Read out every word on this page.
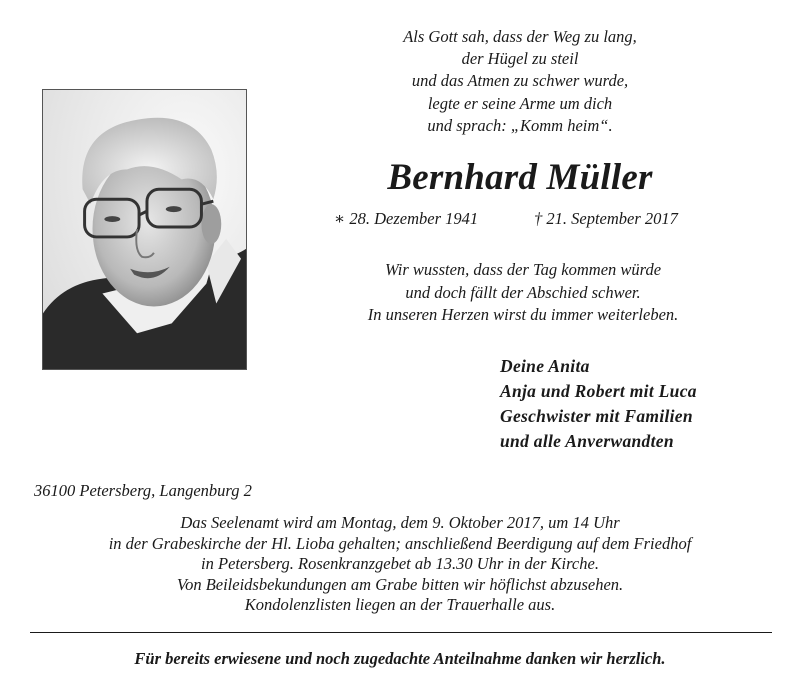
Als Gott sah, dass der Weg zu lang,
der Hügel zu steil
und das Atmen zu schwer wurde,
legte er seine Arme um dich
und sprach: „Komm heim“.
Bernhard Müller
∗ 28. Dezember 1941	† 21. September 2017
Wir wussten, dass der Tag kommen würde
und doch fällt der Abschied schwer.
In unseren Herzen wirst du immer weiterleben.
Deine Anita
Anja und Robert mit Luca
Geschwister mit Familien
und alle Anverwandten
36100 Petersberg, Langenburg 2
Das Seelenamt wird am Montag, dem 9. Oktober 2017, um 14 Uhr
in der Grabeskirche der Hl. Lioba gehalten; anschließend Beerdigung auf dem Friedhof
in Petersberg. Rosenkranzgebet ab 13.30 Uhr in der Kirche.
Von Beileidsbekundungen am Grabe bitten wir höflichst abzusehen.
Kondolenzlisten liegen an der Trauerhalle aus.
Für bereits erwiesene und noch zugedachte Anteilnahme danken wir herzlich.
